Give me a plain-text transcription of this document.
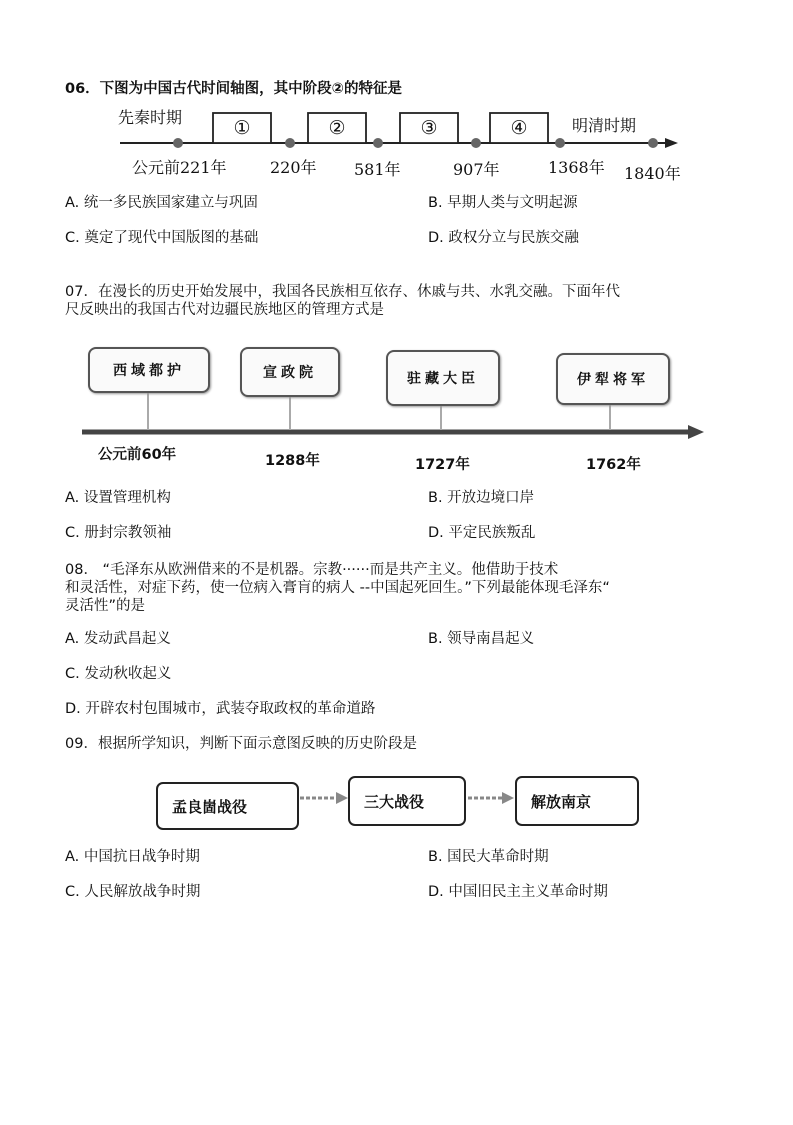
06．下图为中国古代时间轴图，其中阶段②的特征是
先秦时期	明清时期
①	②	③	④
公元前221年	220年 581年	907年	1368年 1840年
A. 统一多民族国家建立与巩固	B. 早期人类与文明起源
C. 奠定了现代中国版图的基础	D. 政权分立与民族交融
07．在漫长的历史开始发展中，我国各民族相互依存、休戚与共、水乳交融。下面年代
尺反映出的我国古代对边疆民族地区的管理方式是
西域都护	宣政院	驻藏大臣	伊犁将军
公元前60年	1288年	1727年	1762年
A. 设置管理机构	B. 开放边境口岸
C. 册封宗教领袖	D. 平定民族叛乱
08． “毛泽东从欧洲借来的不是机器。宗教······而是共产主义。他借助于技术
和灵活性，对症下药，使一位病入膏肓的病人 --中国起死回生。”下列最能体现毛泽东“
灵活性”的是
A. 发动武昌起义	B. 领导南昌起义
C. 发动秋收起义
D. 开辟农村包围城市，武装夺取政权的革命道路
09．根据所学知识，判断下面示意图反映的历史阶段是
孟良崮战役	三大战役	解放南京
A. 中国抗日战争时期	B. 国民大革命时期
C. 人民解放战争时期	D. 中国旧民主主义革命时期
